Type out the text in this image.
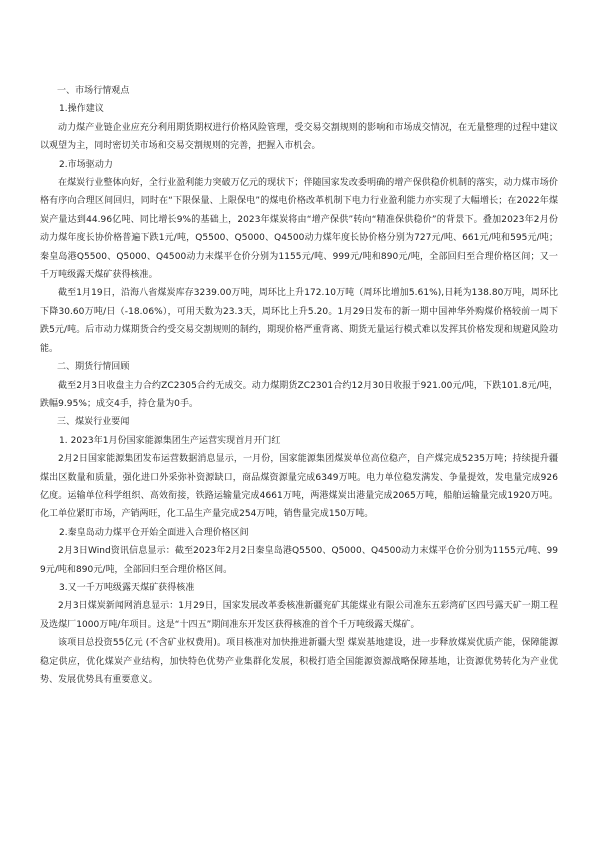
一、市场行情观点

1.操作建议

动力煤产业链企业应充分利用期货期权进行价格风险管理，受交易交割规则的影响和市场成交情况，在无量整理的过程中建议以观望为主，同时密切关市场和交易交割规则的完善，把握入市机会。

2.市场驱动力

在煤炭行业整体向好，全行业盈利能力突破万亿元的现状下；伴随国家发改委明确的增产保供稳价机制的落实，动力煤市场价格有序向合理区间回归，同时在“下限保量、上限保电”的煤电价格改革机制下电力行业盈利能力亦实现了大幅增长；在2022年煤炭产量达到44.96亿吨、同比增长9%的基础上，2023年煤炭将由“增产保供”转向“精准保供稳价”的背景下。叠加2023年2月份动力煤年度长协价格普遍下跌1元/吨，Q5500、Q5000、Q4500动力煤年度长协价格分别为727元/吨、661元/吨和595元/吨；秦皇岛港Q5500、Q5000、Q4500动力末煤平仓价分别为1155元/吨、999元/吨和890元/吨，全部回归至合理价格区间；又一千万吨级露天煤矿获得核准。

截至1月19日，沿海八省煤炭库存3239.00万吨，周环比上升172.10万吨（周环比增加5.61%),日耗为138.80万吨，周环比下降30.60万吨/日（-18.06%），可用天数为23.3天，周环比上升5.20。1月29日发布的新一期中国神华外购煤价格较前一周下跌5元/吨。后市动力煤期货合约受交易交割规则的制约，期现价格严重背离、期货无量运行模式难以发挥其价格发现和规避风险功能。

二、期货行情回顾

截至2月3日收盘主力合约ZC2305合约无成交。动力煤期货ZC2301合约12月30日收报于921.00元/吨，下跌101.8元/吨，跌幅9.95%；成交4手，持仓量为0手。

三、煤炭行业要闻

1. 2023年1月份国家能源集团生产运营实现首月开门红

2月2日国家能源集团发布运营数据消息显示，一月份，国家能源集团煤炭单位高位稳产，自产煤完成5235万吨；持续提升疆煤出区数量和质量，强化进口外采弥补资源缺口，商品煤资源量完成6349万吨。电力单位稳发满发、争量提效，发电量完成926亿度。运输单位科学组织、高效衔接，铁路运输量完成4661万吨，两港煤炭出港量完成2065万吨，船舶运输量完成1920万吨。化工单位紧盯市场，产销两旺，化工品生产量完成254万吨，销售量完成150万吨。

2.秦皇岛动力煤平仓开始全面进入合理价格区间

2月3日Wind资讯信息显示：截至2023年2月2日秦皇岛港Q5500、Q5000、Q4500动力末煤平仓价分别为1155元/吨、999元/吨和890元/吨，全部回归至合理价格区间。

3.又一千万吨级露天煤矿获得核准

2月3日煤炭新闻网消息显示：1月29日，国家发展改革委核准新疆兖矿其能煤业有限公司准东五彩湾矿区四号露天矿一期工程及选煤厂1000万吨/年项目。这是“十四五”期间准东开发区获得核准的首个千万吨级露天煤矿。

该项目总投资55亿元 (不含矿业权费用)。项目核准对加快推进新疆大型 煤炭基地建设，进一步释放煤炭优质产能，保障能源稳定供应，优化煤炭产业结构，加快特色优势产业集群化发展，积极打造全国能源资源战略保障基地，让资源优势转化为产业优势、发展优势具有重要意义。
